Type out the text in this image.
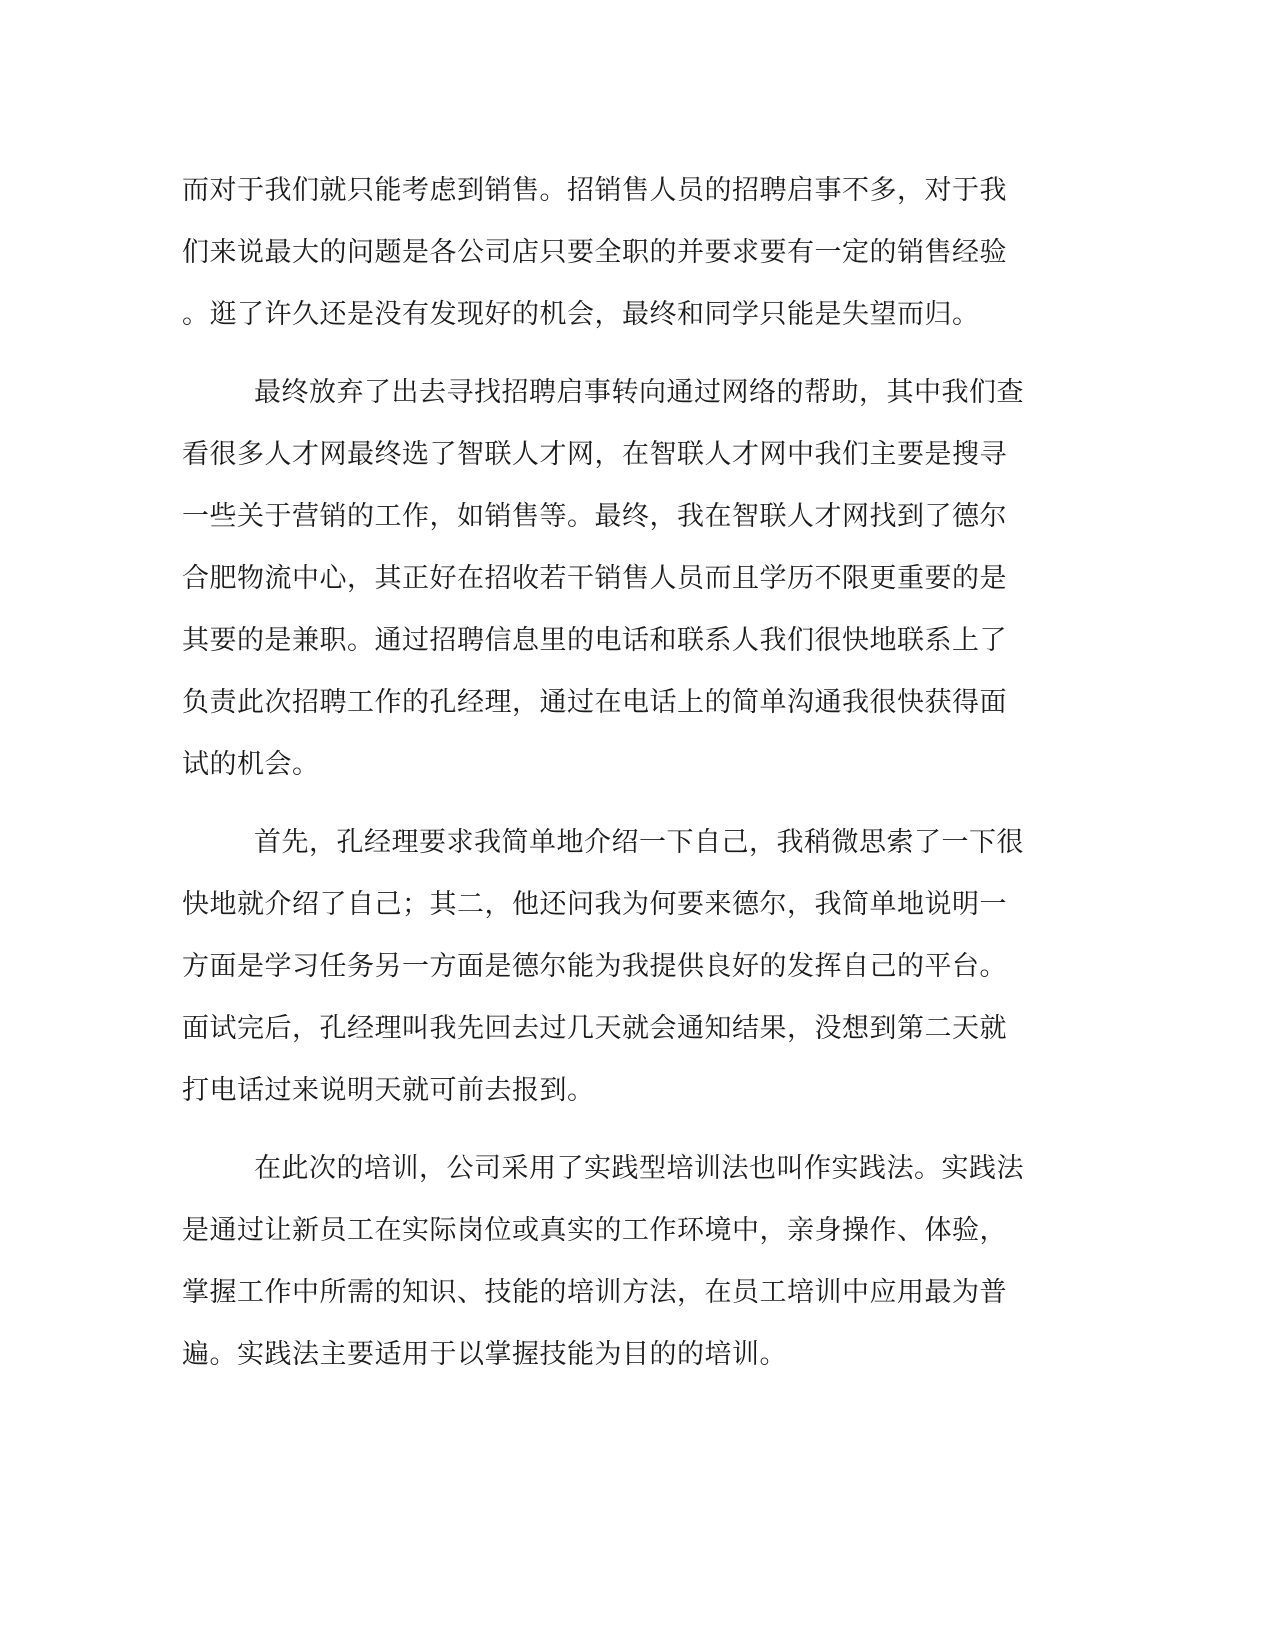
而对于我们就只能考虑到销售。招销售人员的招聘启事不多，对于我
们来说最大的问题是各公司店只要全职的并要求要有一定的销售经验
。逛了许久还是没有发现好的机会，最终和同学只能是失望而归。
最终放弃了出去寻找招聘启事转向通过网络的帮助，其中我们查
看很多人才网最终选了智联人才网，在智联人才网中我们主要是搜寻
一些关于营销的工作，如销售等。最终，我在智联人才网找到了德尔
合肥物流中心，其正好在招收若干销售人员而且学历不限更重要的是
其要的是兼职。通过招聘信息里的电话和联系人我们很快地联系上了
负责此次招聘工作的孔经理，通过在电话上的简单沟通我很快获得面
试的机会。
首先，孔经理要求我简单地介绍一下自己，我稍微思索了一下很
快地就介绍了自己；其二，他还问我为何要来德尔，我简单地说明一
方面是学习任务另一方面是德尔能为我提供良好的发挥自己的平台。
面试完后，孔经理叫我先回去过几天就会通知结果，没想到第二天就
打电话过来说明天就可前去报到。
在此次的培训，公司采用了实践型培训法也叫作实践法。实践法
是通过让新员工在实际岗位或真实的工作环境中，亲身操作、体验，
掌握工作中所需的知识、技能的培训方法，在员工培训中应用最为普
遍。实践法主要适用于以掌握技能为目的的培训。
